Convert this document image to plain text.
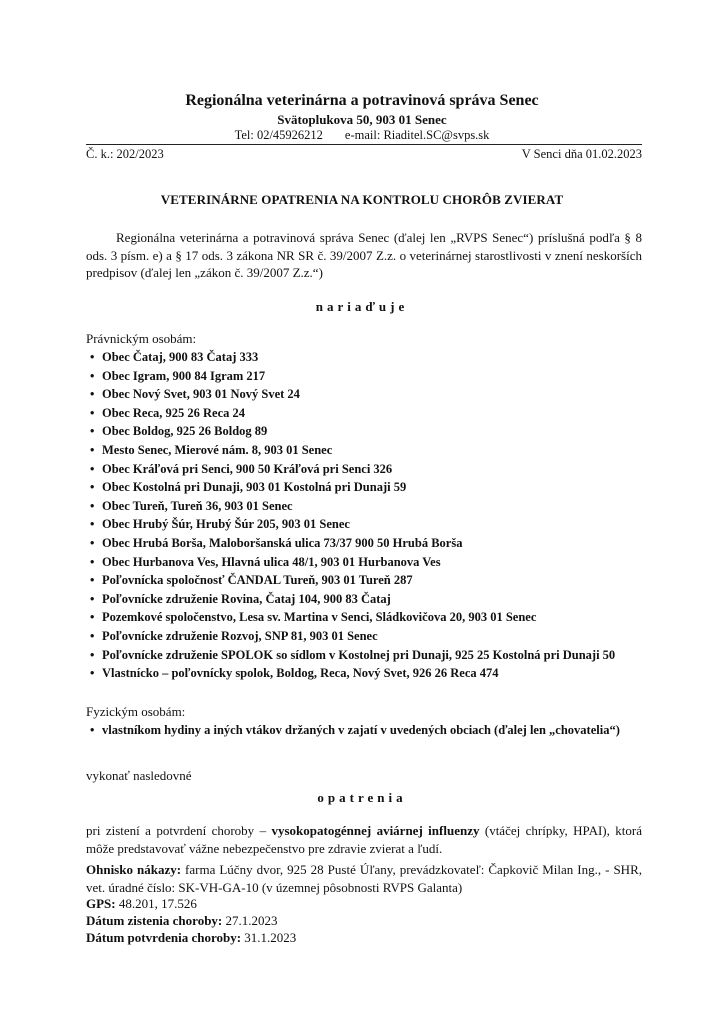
Regionálna veterinárna a potravinová správa Senec
Svätoplukova 50, 903 01 Senec
Tel: 02/45926212 e-mail: Riaditel.SC@svps.sk
Č. k.: 202/2023	V Senci dňa 01.02.2023
VETERINÁRNE OPATRENIA NA KONTROLU CHORÔB ZVIERAT
Regionálna veterinárna a potravinová správa Senec (ďalej len „RVPS Senec“) príslušná podľa § 8 ods. 3 písm. e) a § 17 ods. 3 zákona NR SR č. 39/2007 Z.z. o veterinárnej starostlivosti v znení neskorších predpisov (ďalej len „zákon č. 39/2007 Z.z.“)
nariaďuje
Právnickým osobám:
• Obec Čataj, 900 83 Čataj 333
• Obec Igram, 900 84 Igram 217
• Obec Nový Svet, 903 01 Nový Svet 24
• Obec Reca, 925 26 Reca 24
• Obec Boldog, 925 26 Boldog 89
• Mesto Senec, Mierové nám. 8, 903 01 Senec
• Obec Kráľová pri Senci, 900 50 Kráľová pri Senci 326
• Obec Kostolná pri Dunaji, 903 01 Kostolná pri Dunaji 59
• Obec Tureň, Tureň 36, 903 01 Senec
• Obec Hrubý Šúr, Hrubý Šúr 205, 903 01 Senec
• Obec Hrubá Borša, Maloboršanská ulica 73/37 900 50 Hrubá Borša
• Obec Hurbanova Ves, Hlavná ulica 48/1, 903 01 Hurbanova Ves
• Poľovnícka spoločnosť ČANDAL Tureň, 903 01 Tureň 287
• Poľovnícke združenie Rovina, Čataj 104, 900 83 Čataj
• Pozemkové spoločenstvo, Lesa sv. Martina v Senci, Sládkovičova 20, 903 01 Senec
• Poľovnícke združenie Rozvoj, SNP 81, 903 01 Senec
• Poľovnícke združenie SPOLOK so sídlom v Kostolnej pri Dunaji, 925 25 Kostolná pri Dunaji 50
• Vlastnícko – poľovnícky spolok, Boldog, Reca, Nový Svet, 926 26 Reca 474
Fyzickým osobám:
• vlastníkom hydiny a iných vtákov držaných v zajatí v uvedených obciach (ďalej len „chovatelia“)
vykonať nasledovné
opatrenia
pri zistení a potvrdení choroby – vysokopatogénnej aviárnej influenzy (vtáčej chrípky, HPAI), ktorá môže predstavovať vážne nebezpečenstvo pre zdravie zvierat a ľudí.
Ohnisko nákazy: farma Lúčny dvor, 925 28 Pusté Úľany, prevádzkovateľ: Čapkovič Milan Ing., - SHR, vet. úradné číslo: SK-VH-GA-10 (v územnej pôsobnosti RVPS Galanta)
GPS: 48.201, 17.526
Dátum zistenia choroby: 27.1.2023
Dátum potvrdenia choroby: 31.1.2023
